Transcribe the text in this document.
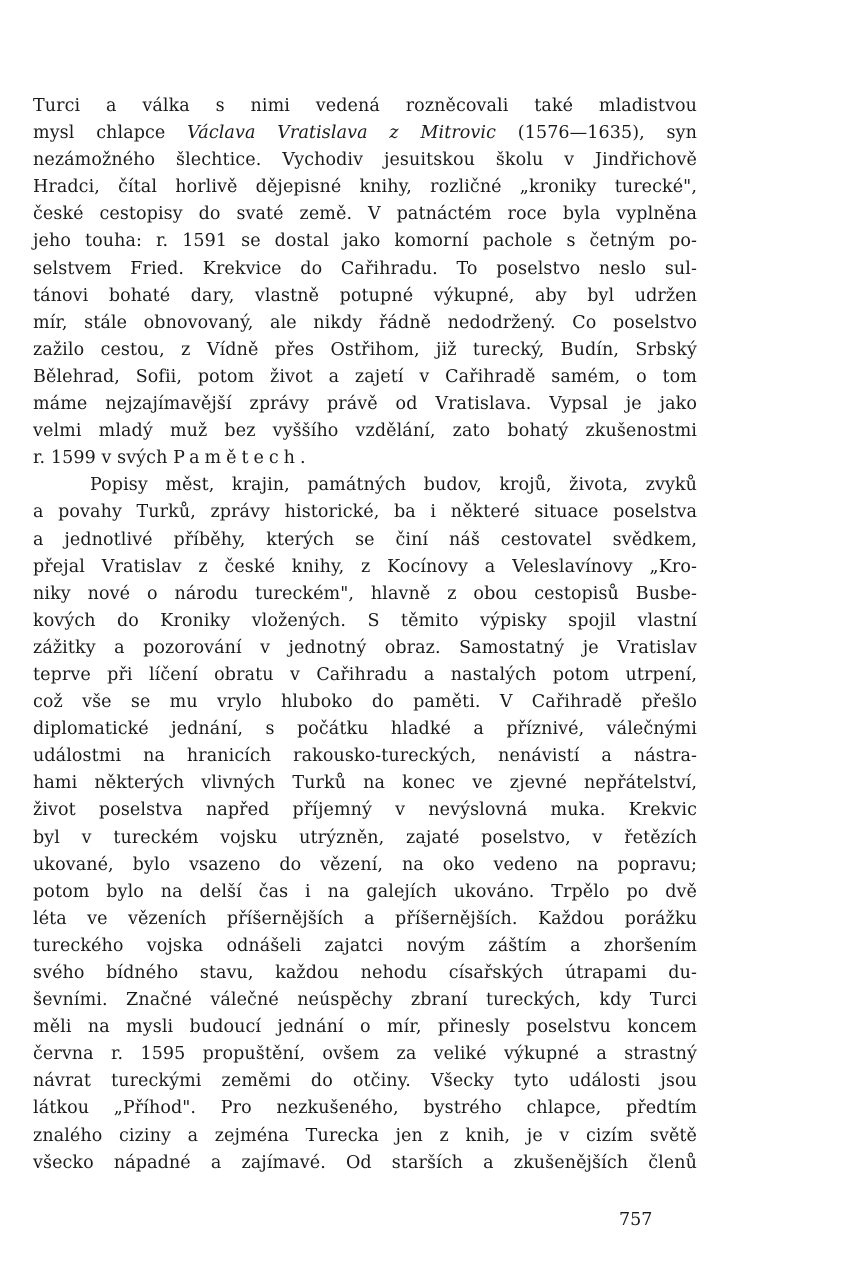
Turci a válka s nimi vedená rozněcovali také mladistvou
mysl chlapce Václava Vratislava z Mitrovic (1576—1635), syn
nezámožného šlechtice. Vychodiv jesuitskou školu v Jindřichově
Hradci, čítal horlivě dějepisné knihy, rozličné „kroniky turecké",
české cestopisy do svaté země. V patnáctém roce byla vyplněna
jeho touha: r. 1591 se dostal jako komorní pachole s četným po-
selstvem Fried. Krekvice do Cařihradu. To poselstvo neslo sul-
tánovi bohaté dary, vlastně potupné výkupné, aby byl udržen
mír, stále obnovovaný, ale nikdy řádně nedodržený. Co poselstvo
zažilo cestou, z Vídně přes Ostřihom, již turecký, Budín, Srbský
Bělehrad, Sofii, potom život a zajetí v Cařihradě samém, o tom
máme nejzajímavější zprávy právě od Vratislava. Vypsal je jako
velmi mladý muž bez vyššího vzdělání, zato bohatý zkušenostmi
r. 1599 v svých Pamětech.
Popisy měst, krajin, památných budov, krojů, života, zvyků
a povahy Turků, zprávy historické, ba i některé situace poselstva
a jednotlivé příběhy, kterých se činí náš cestovatel svědkem,
přejal Vratislav z české knihy, z Kocínovy a Veleslavínovy „Kro-
niky nové o národu tureckém", hlavně z obou cestopisů Busbe-
kových do Kroniky vložených. S těmito výpisky spojil vlastní
zážitky a pozorování v jednotný obraz. Samostatný je Vratislav
teprve při líčení obratu v Cařihradu a nastalých potom utrpení,
což vše se mu vrylo hluboko do paměti. V Cařihradě přešlo
diplomatické jednání, s počátku hladké a příznivé, válečnými
událostmi na hranicích rakousko-tureckých, nenávistí a nástra-
hami některých vlivných Turků na konec ve zjevné nepřátelství,
život poselstva napřed příjemný v nevýslovná muka. Krekvic
byl v tureckém vojsku utrýzněn, zajaté poselstvo, v řetězích
ukované, bylo vsazeno do vězení, na oko vedeno na popravu;
potom bylo na delší čas i na galejích ukováno. Trpělo po dvě
léta ve vězeních příšernějších a příšernějších. Každou porážku
tureckého vojska odnášeli zajatci novým záštím a zhoršením
svého bídného stavu, každou nehodu císařských útrapami du-
ševními. Značné válečné neúspěchy zbraní tureckých, kdy Turci
měli na mysli budoucí jednání o mír, přinesly poselstvu koncem
června r. 1595 propuštění, ovšem za veliké výkupné a strastný
návrat tureckými zeměmi do otčiny. Všecky tyto události jsou
látkou „Příhod". Pro nezkušeného, bystrého chlapce, předtím
znalého ciziny a zejména Turecka jen z knih, je v cizím světě
všecko nápadné a zajímavé. Od starších a zkušenějších členů
757
